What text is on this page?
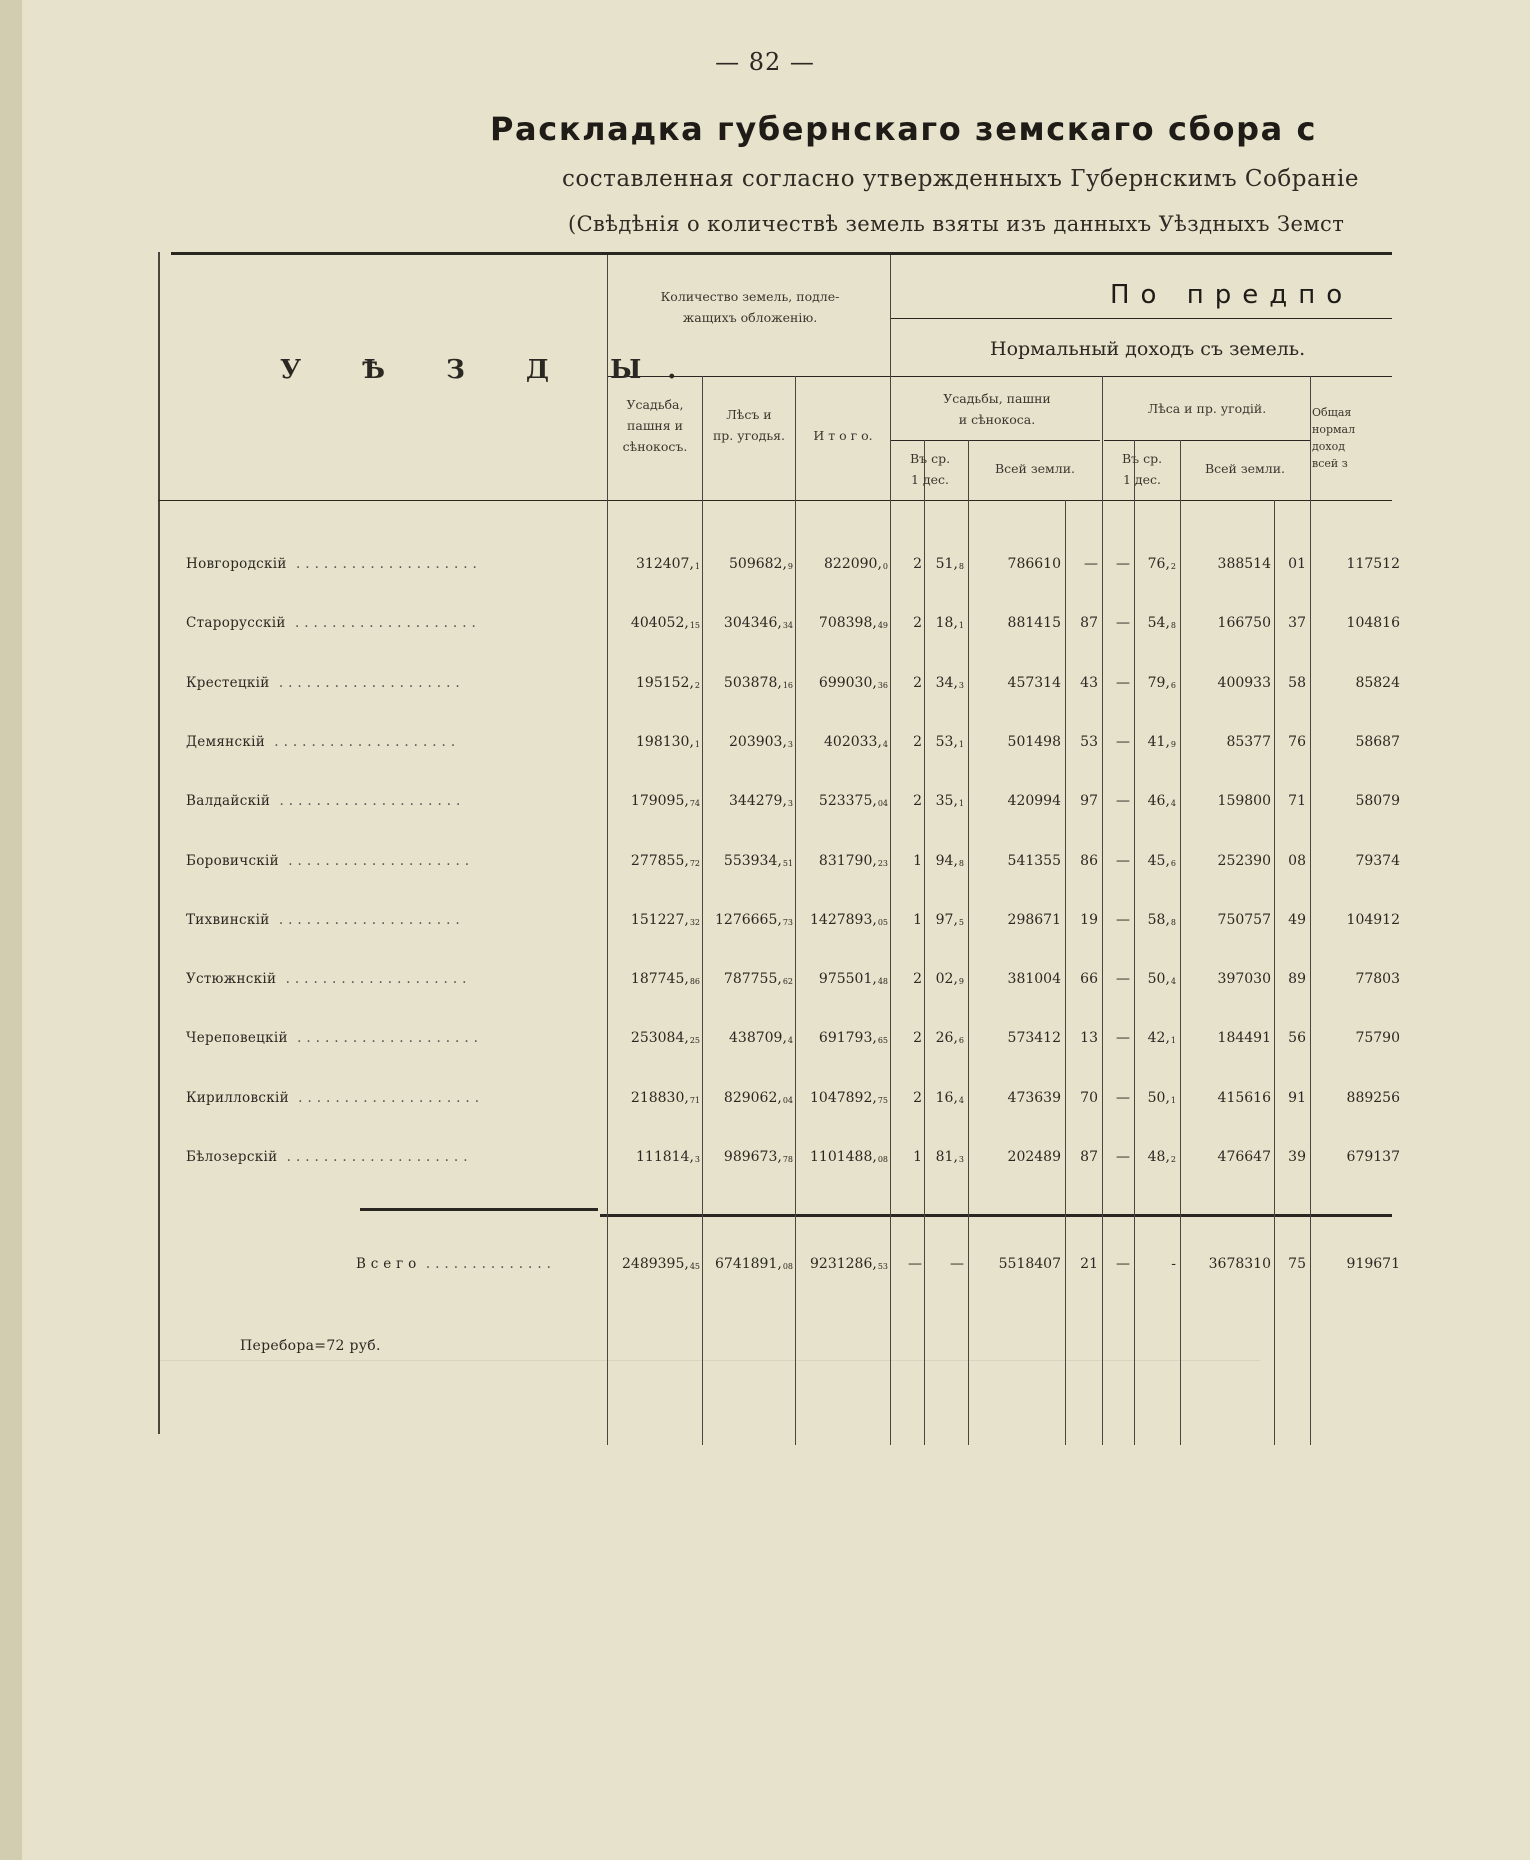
— 82 —
Раскладка губернскаго земскаго сбора с
составленная согласно утвержденныхъ Губернскимъ Собраніе
(Свѣдѣнія о количествѣ земель взяты изъ данныхъ Уѣздныхъ Земст
У Ѣ З Д Ы.
Количество земель, подле-
жащихъ обложенію.
Усадьба,
пашня и
сѣнокосъ.
Лѣсъ и
пр. угодья.	И т о г о.
По предпо
Нормальный доходъ съ земель.
Усадьбы, пашни
и сѣнокоса.
Лѣса и пр. угодій.
Въ ср.
1 дес.
Всей земли.
Въ ср.
1 дес.
Всей земли.
Общая
нормал
доход
всей з
Новгородскій ....................	312407,1 509682,9 822090,0 2 51,8	786610 — — 76,2	388514 01	117512
Старорусскій ....................	404052,15 304346,34 708398,49 2 18,1	881415 87 — 54,8	166750 37	104816
Крестецкій ....................	195152,2 503878,16 699030,36 2 34,3	457314 43 — 79,6	400933 58	85824
Демянскій ....................	198130,1 203903,3 402033,4 2 53,1	501498 53 — 41,9	85377 76	58687
Валдайскій ....................	179095,74 344279,3 523375,04 2 35,1	420994 97 — 46,4	159800 71	58079
Боровичскій ....................	277855,72 553934,51 831790,23 1 94,8	541355 86 — 45,6	252390 08	79374
Тихвинскій ....................	151227,32 1276665,73 1427893,05 1 97,5	298671 19 — 58,8	750757 49	104912
Устюжнскій ....................	187745,86 787755,62 975501,48 2 02,9	381004 66 — 50,4	397030 89	77803
Череповецкій ....................	253084,25 438709,4 691793,65 2 26,6	573412 13 — 42,1	184491 56	75790
Кирилловскій ....................	218830,71 829062,04 1047892,75 2 16,4	473639 70 — 50,1	415616 91	889256
Бѣлозерскій ....................	111814,3 989673,78 1101488,08 1 81,3	202489 87 — 48,2	476647 39	679137
В с е г о ..............	2489395,45 6741891,08 9231286,53 — — 5518407 21 —	- 3678310 75	919671
Перебора=72 руб.
